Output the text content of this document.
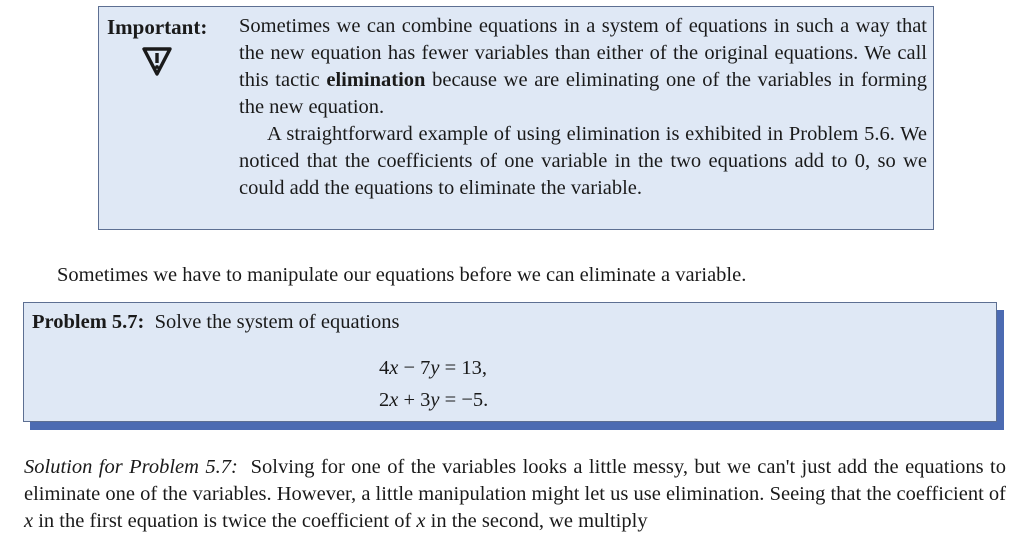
Important: Sometimes we can combine equations in a system of equations in such a way that the new equation has fewer variables than either of the original equations. We call this tactic elimination because we are eliminating one of the variables in forming the new equation.

A straightforward example of using elimination is exhibited in Problem 5.6. We noticed that the coefficients of one variable in the two equations add to 0, so we could add the equations to eliminate the variable.

Sometimes we have to manipulate our equations before we can eliminate a variable.
Problem 5.7: Solve the system of equations
4x − 7y = 13,
2x + 3y = −5.

Solution for Problem 5.7: Solving for one of the variables looks a little messy, but we can't just add the equations to eliminate one of the variables. However, a little manipulation might let us use elimination. Seeing that the coefficient of x in the first equation is twice the coefficient of x in the second, we multiply
